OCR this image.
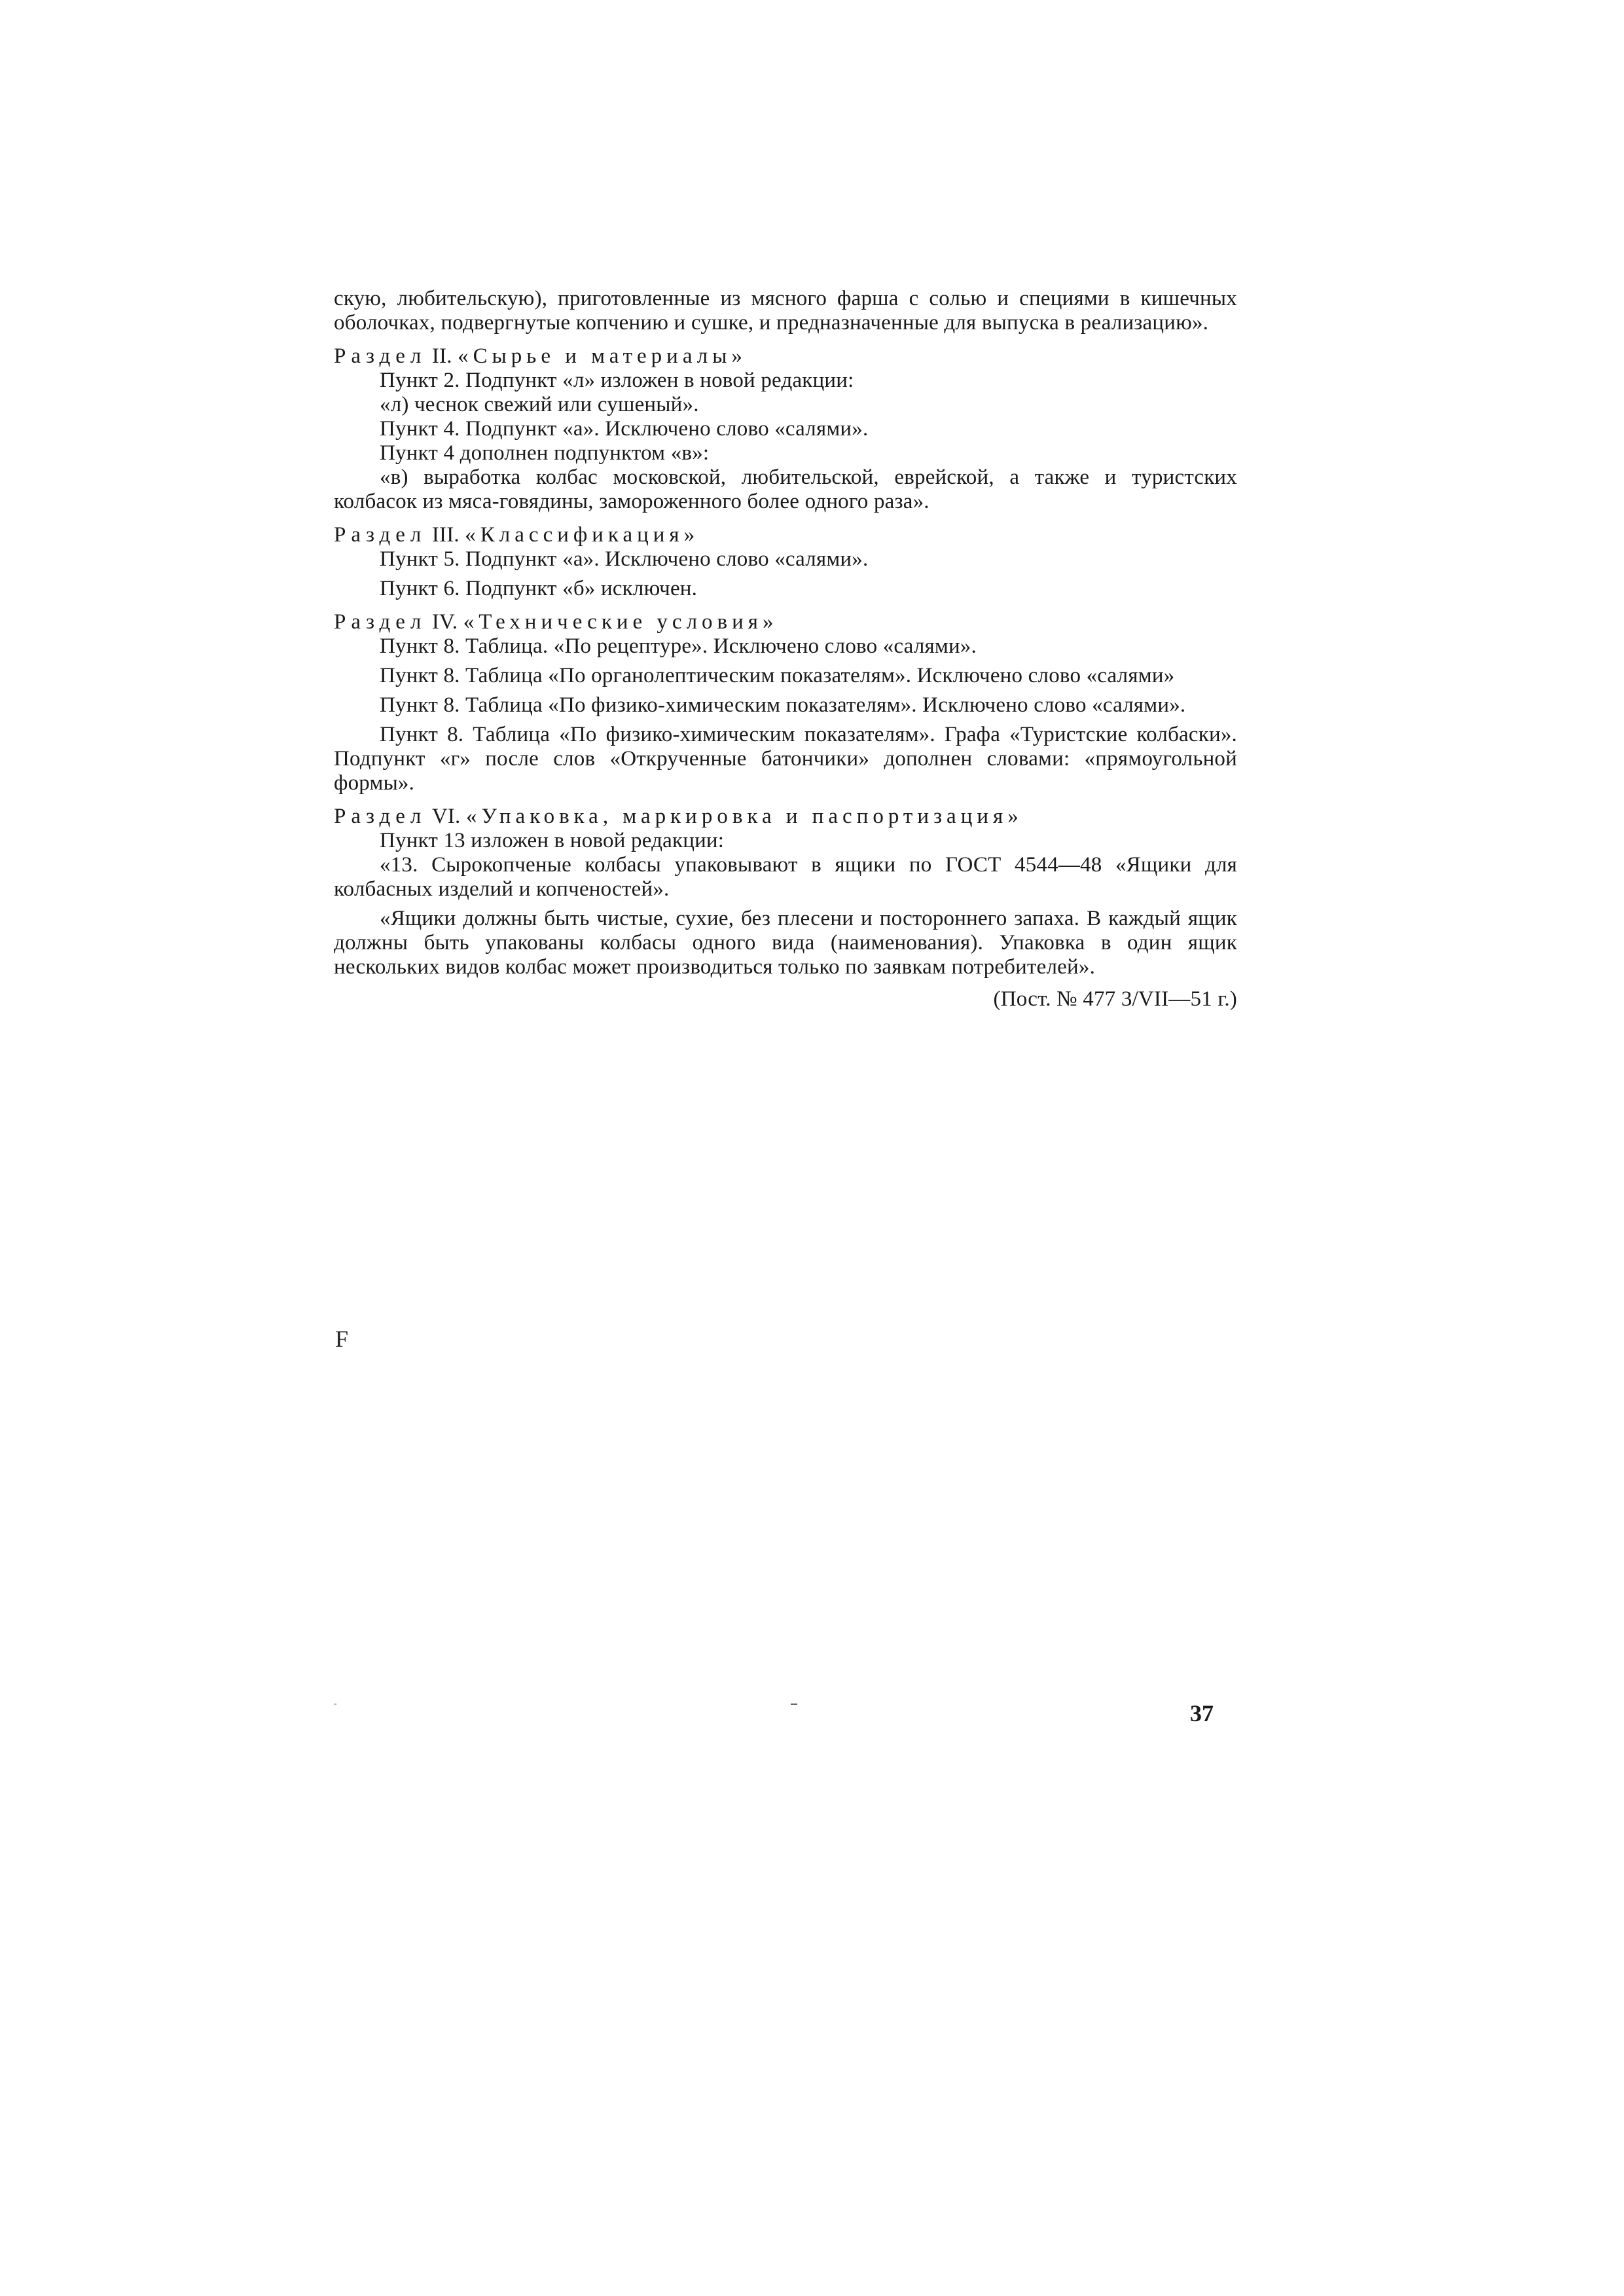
скую, любительскую), приготовленные из мясного фарша с солью и специями в кишечных оболочках, подвергнутые копчению и сушке, и предназначенные для выпуска в реализацию».

Раздел II. «Сырье и материалы»

Пункт 2. Подпункт «л» изложен в новой редакции:

«л) чеснок свежий или сушеный».

Пункт 4. Подпункт «а». Исключено слово «салями».

Пункт 4 дополнен подпунктом «в»:

«в) выработка колбас московской, любительской, еврейской, а также и туристских колбасок из мяса-говядины, замороженного более одного раза».

Раздел III. «Классификация»

Пункт 5. Подпункт «а». Исключено слово «салями».

Пункт 6. Подпункт «б» исключен.

Раздел IV. «Технические условия»

Пункт 8. Таблица. «По рецептуре». Исключено слово «салями».

Пункт 8. Таблица «По органолептическим показателям». Исключено слово «салями»

Пункт 8. Таблица «По физико-химическим показателям». Исключено слово «салями».

Пункт 8. Таблица «По физико-химическим показателям». Графа «Туристские колбаски». Подпункт «г» после слов «Открученные батончики» дополнен словами: «прямоугольной формы».

Раздел VI. «Упаковка, маркировка и паспортизация»

Пункт 13 изложен в новой редакции:

«13. Сырокопченые колбасы упаковывают в ящики по ГОСТ 4544—48 «Ящики для колбасных изделий и копченостей».

«Ящики должны быть чистые, сухие, без плесени и постороннего запаха. В каждый ящик должны быть упакованы колбасы одного вида (наименования). Упаковка в один ящик нескольких видов колбас может производиться только по заявкам потребителей».

(Пост. № 477 3/VII—51 г.)

F
37
